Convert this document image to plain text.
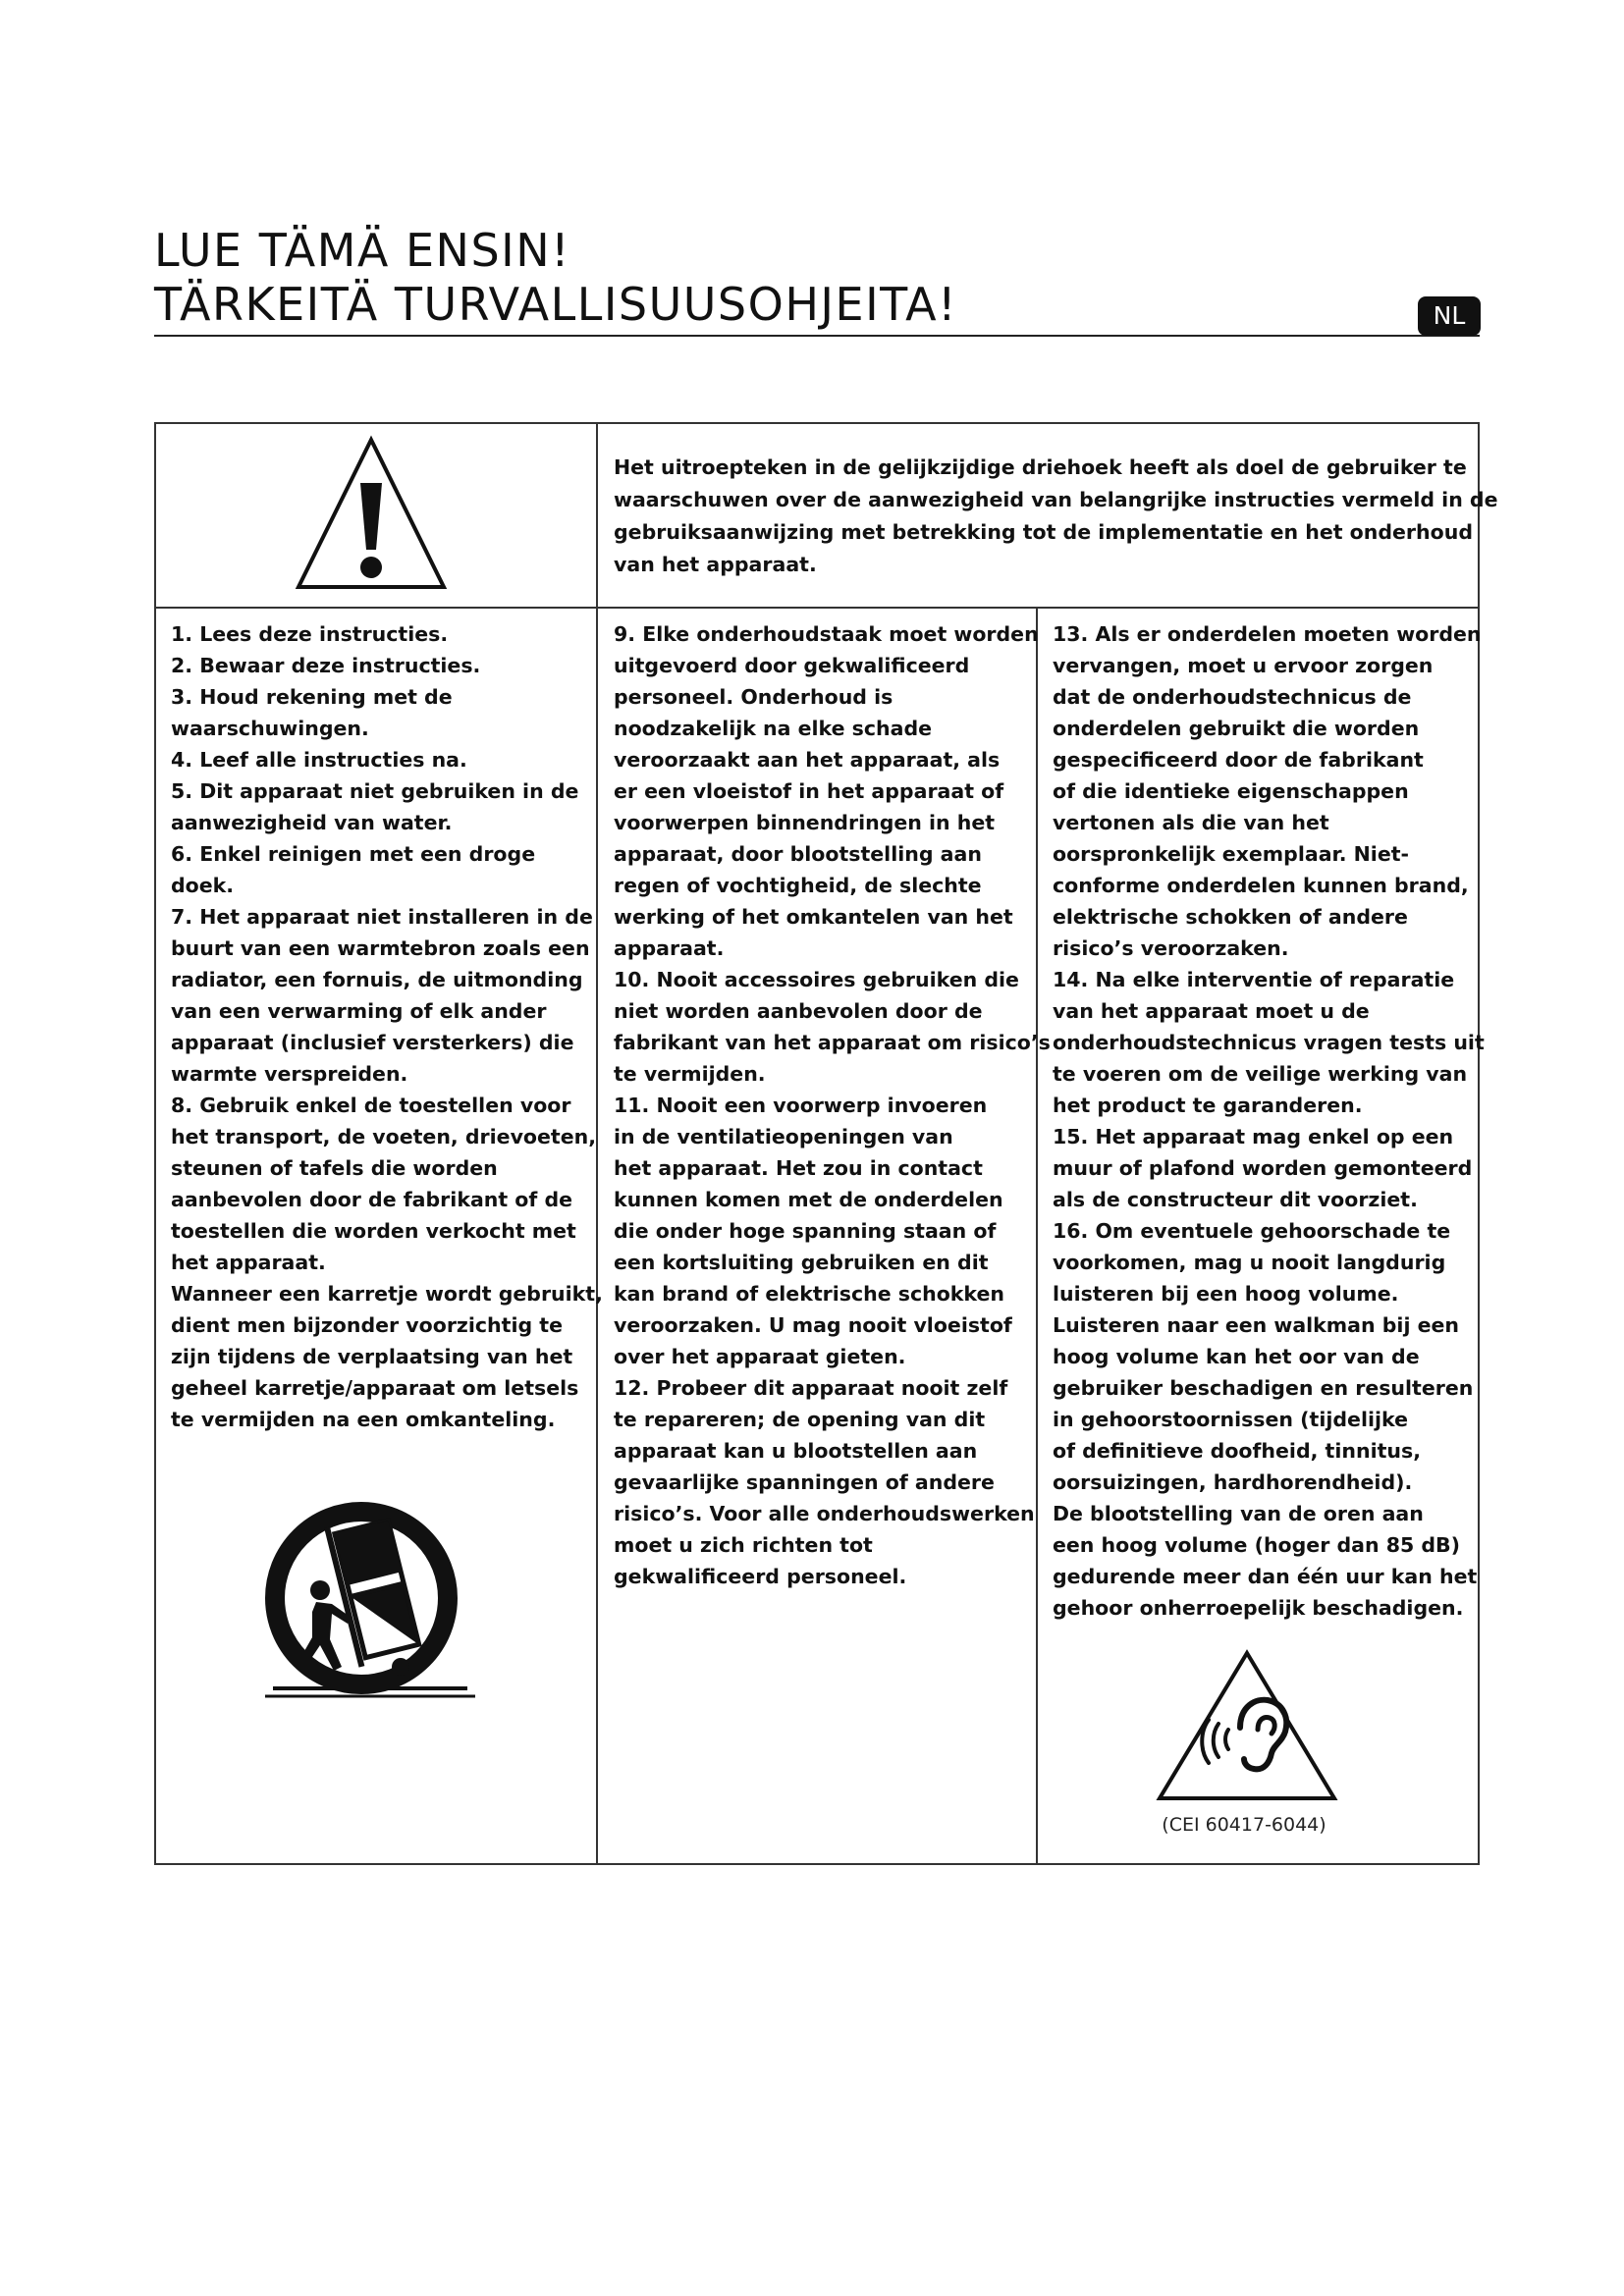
LUE TÄMÄ ENSIN!
TÄRKEITÄ TURVALLISUUSOHJEITA!	NL
Het uitroepteken in de gelijkzijdige driehoek heeft als doel de gebruiker te
waarschuwen over de aanwezigheid van belangrijke instructies vermeld in de
gebruiksaanwijzing met betrekking tot de implementatie en het onderhoud
van het apparaat.
1. Lees deze instructies.
2. Bewaar deze instructies.
3. Houd rekening met de
waarschuwingen.
4. Leef alle instructies na.
5. Dit apparaat niet gebruiken in de
aanwezigheid van water.
6. Enkel reinigen met een droge
doek.
7. Het apparaat niet installeren in de
buurt van een warmtebron zoals een
radiator, een fornuis, de uitmonding
van een verwarming of elk ander
apparaat (inclusief versterkers) die
warmte verspreiden.
8. Gebruik enkel de toestellen voor
het transport, de voeten, drievoeten,
steunen of tafels die worden
aanbevolen door de fabrikant of de
toestellen die worden verkocht met
het apparaat.
Wanneer een karretje wordt gebruikt,
dient men bijzonder voorzichtig te
zijn tijdens de verplaatsing van het
geheel karretje/apparaat om letsels
te vermijden na een omkanteling.
9. Elke onderhoudstaak moet worden
uitgevoerd door gekwalificeerd
personeel. Onderhoud is
noodzakelijk na elke schade
veroorzaakt aan het apparaat, als
er een vloeistof in het apparaat of
voorwerpen binnendringen in het
apparaat, door blootstelling aan
regen of vochtigheid, de slechte
werking of het omkantelen van het
apparaat.
10. Nooit accessoires gebruiken die
niet worden aanbevolen door de
fabrikant van het apparaat om risico’s
te vermijden.
11. Nooit een voorwerp invoeren
in de ventilatieopeningen van
het apparaat. Het zou in contact
kunnen komen met de onderdelen
die onder hoge spanning staan of
een kortsluiting gebruiken en dit
kan brand of elektrische schokken
veroorzaken. U mag nooit vloeistof
over het apparaat gieten.
12. Probeer dit apparaat nooit zelf
te repareren; de opening van dit
apparaat kan u blootstellen aan
gevaarlijke spanningen of andere
risico’s. Voor alle onderhoudswerken
moet u zich richten tot
gekwalificeerd personeel.
13. Als er onderdelen moeten worden
vervangen, moet u ervoor zorgen
dat de onderhoudstechnicus de
onderdelen gebruikt die worden
gespecificeerd door de fabrikant
of die identieke eigenschappen
vertonen als die van het
oorspronkelijk exemplaar. Niet-
conforme onderdelen kunnen brand,
elektrische schokken of andere
risico’s veroorzaken.
14. Na elke interventie of reparatie
van het apparaat moet u de
onderhoudstechnicus vragen tests uit
te voeren om de veilige werking van
het product te garanderen.
15. Het apparaat mag enkel op een
muur of plafond worden gemonteerd
als de constructeur dit voorziet.
16. Om eventuele gehoorschade te
voorkomen, mag u nooit langdurig
luisteren bij een hoog volume.
Luisteren naar een walkman bij een
hoog volume kan het oor van de
gebruiker beschadigen en resulteren
in gehoorstoornissen (tijdelijke
of definitieve doofheid, tinnitus,
oorsuizingen, hardhorendheid).
De blootstelling van de oren aan
een hoog volume (hoger dan 85 dB)
gedurende meer dan één uur kan het
gehoor onherroepelijk beschadigen.
(CEI 60417-6044)
